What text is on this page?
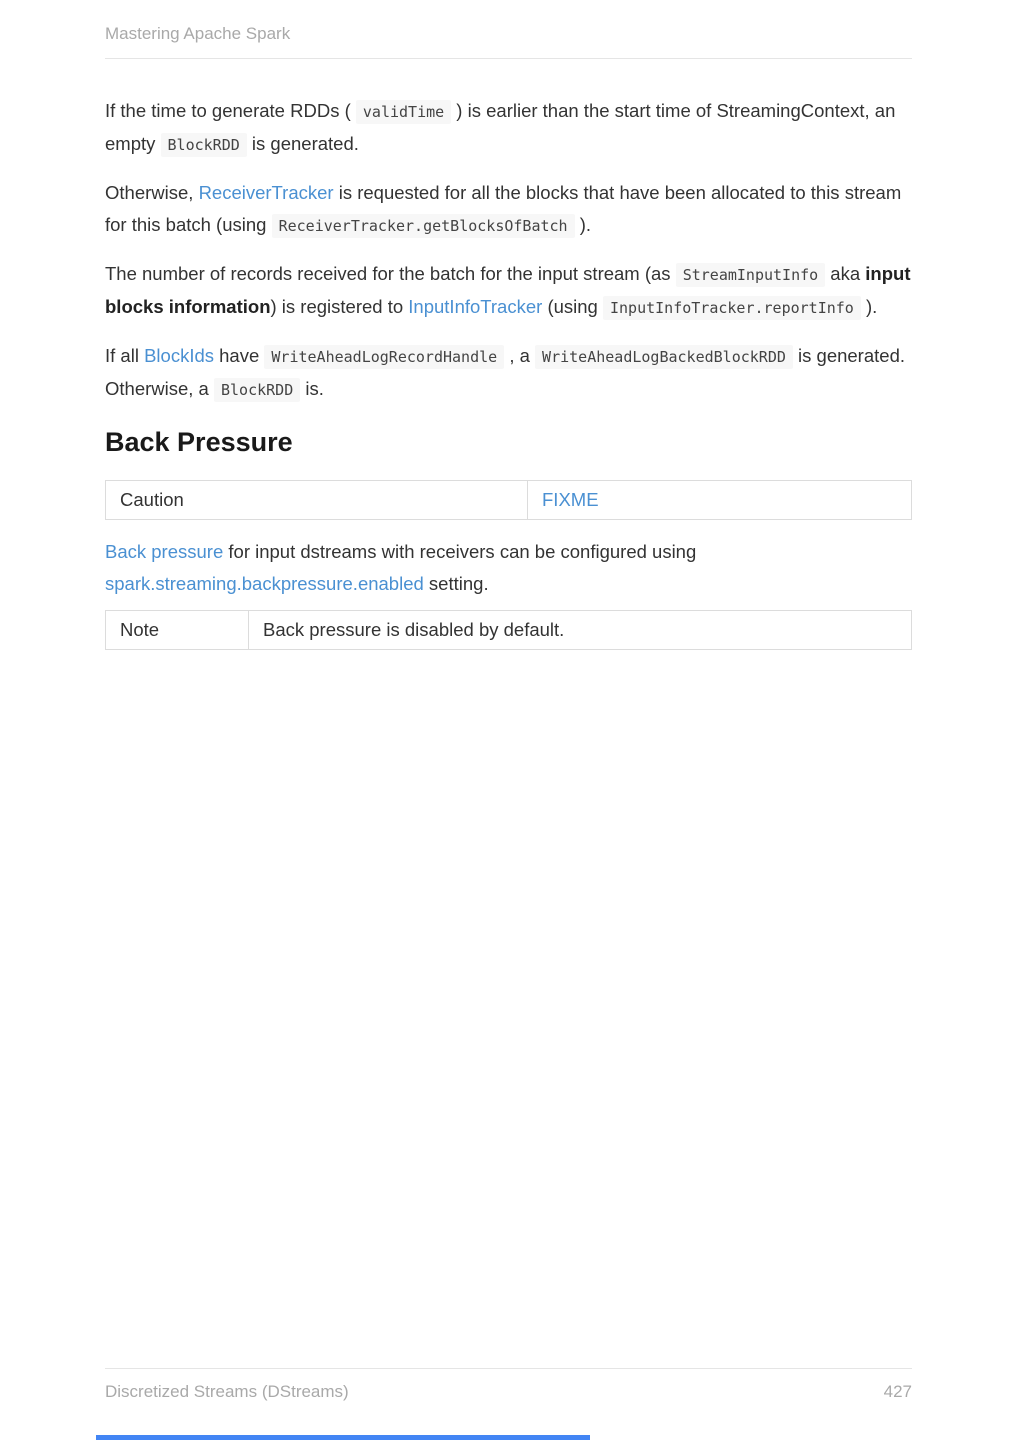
Mastering Apache Spark

If the time to generate RDDs ( validTime ) is earlier than the start time of StreamingContext, an empty BlockRDD is generated.

Otherwise, ReceiverTracker is requested for all the blocks that have been allocated to this stream for this batch (using ReceiverTracker.getBlocksOfBatch ).

The number of records received for the batch for the input stream (as StreamInputInfo aka input blocks information) is registered to InputInfoTracker (using InputInfoTracker.reportInfo ).

If all BlockIds have WriteAheadLogRecordHandle , a WriteAheadLogBackedBlockRDD is generated. Otherwise, a BlockRDD is.

Back Pressure
Caution	FIXME

Back pressure for input dstreams with receivers can be configured using spark.streaming.backpressure.enabled setting.

Note	Back pressure is disabled by default.
Discretized Streams (DStreams)	427
